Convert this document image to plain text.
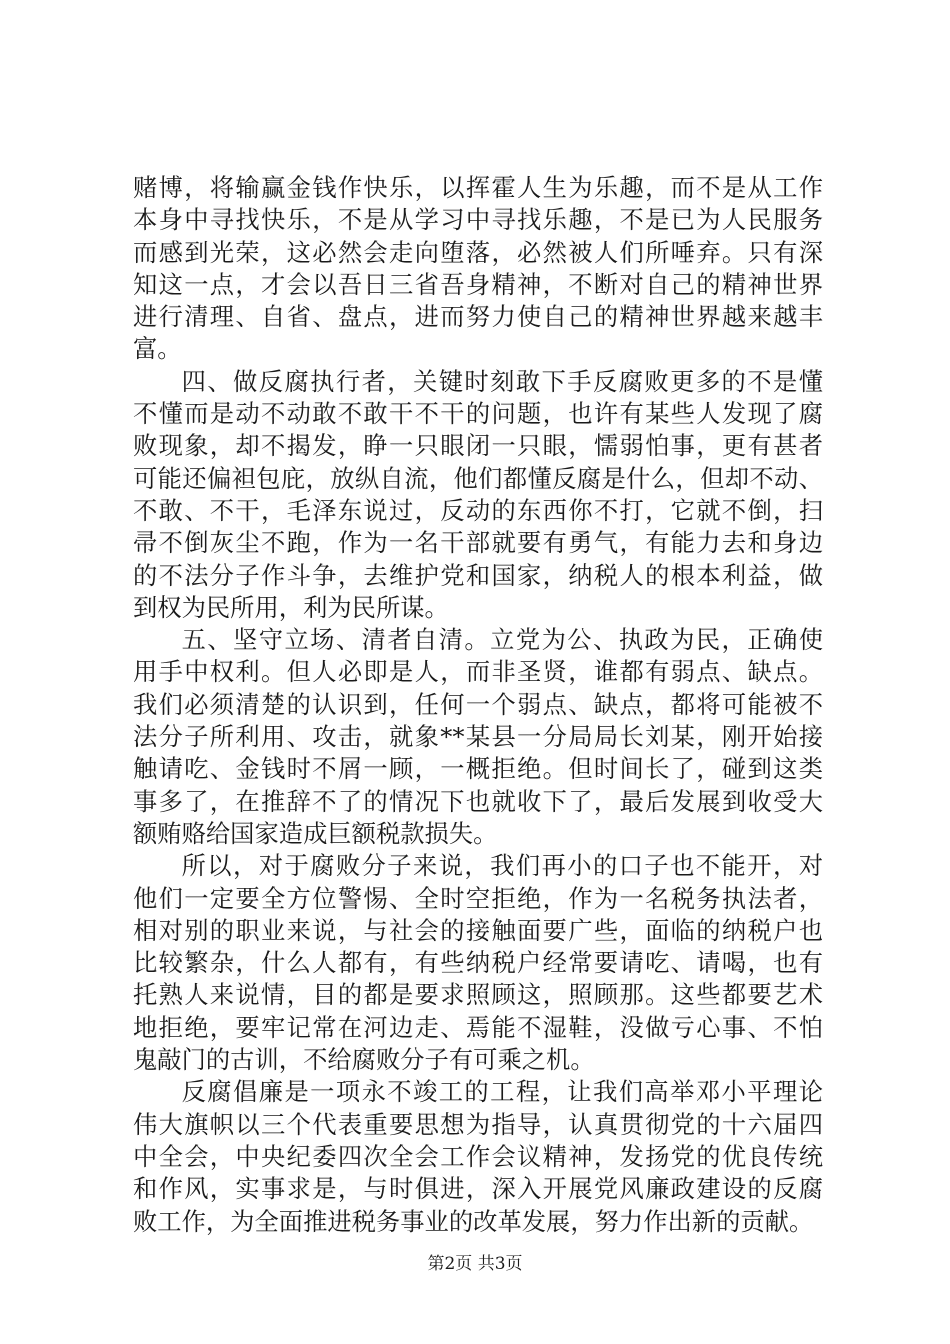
赌博，将输赢金钱作快乐，以挥霍人生为乐趣，而不是从工作
本身中寻找快乐，不是从学习中寻找乐趣，不是已为人民服务
而感到光荣，这必然会走向堕落，必然被人们所唾弃。只有深
知这一点，才会以吾日三省吾身精神，不断对自己的精神世界
进行清理、自省、盘点，进而努力使自己的精神世界越来越丰
富。
四、做反腐执行者，关键时刻敢下手反腐败更多的不是懂
不懂而是动不动敢不敢干不干的问题，也许有某些人发现了腐
败现象，却不揭发，睁一只眼闭一只眼，懦弱怕事，更有甚者
可能还偏袒包庇，放纵自流，他们都懂反腐是什么，但却不动、
不敢、不干，毛泽东说过，反动的东西你不打，它就不倒，扫
帚不倒灰尘不跑，作为一名干部就要有勇气，有能力去和身边
的不法分子作斗争，去维护党和国家，纳税人的根本利益，做
到权为民所用，利为民所谋。
五、坚守立场、清者自清。立党为公、执政为民，正确使
用手中权利。但人必即是人，而非圣贤，谁都有弱点、缺点。
我们必须清楚的认识到，任何一个弱点、缺点，都将可能被不
法分子所利用、攻击，就象**某县一分局局长刘某，刚开始接
触请吃、金钱时不屑一顾，一概拒绝。但时间长了，碰到这类
事多了，在推辞不了的情况下也就收下了，最后发展到收受大
额贿赂给国家造成巨额税款损失。
所以，对于腐败分子来说，我们再小的口子也不能开，对
他们一定要全方位警惕、全时空拒绝，作为一名税务执法者，
相对别的职业来说，与社会的接触面要广些，面临的纳税户也
比较繁杂，什么人都有，有些纳税户经常要请吃、请喝，也有
托熟人来说情，目的都是要求照顾这，照顾那。这些都要艺术
地拒绝，要牢记常在河边走、焉能不湿鞋，没做亏心事、不怕
鬼敲门的古训，不给腐败分子有可乘之机。
反腐倡廉是一项永不竣工的工程，让我们高举邓小平理论
伟大旗帜以三个代表重要思想为指导，认真贯彻党的十六届四
中全会，中央纪委四次全会工作会议精神，发扬党的优良传统
和作风，实事求是，与时俱进，深入开展党风廉政建设的反腐
败工作，为全面推进税务事业的改革发展，努力作出新的贡献。
第2页 共3页
